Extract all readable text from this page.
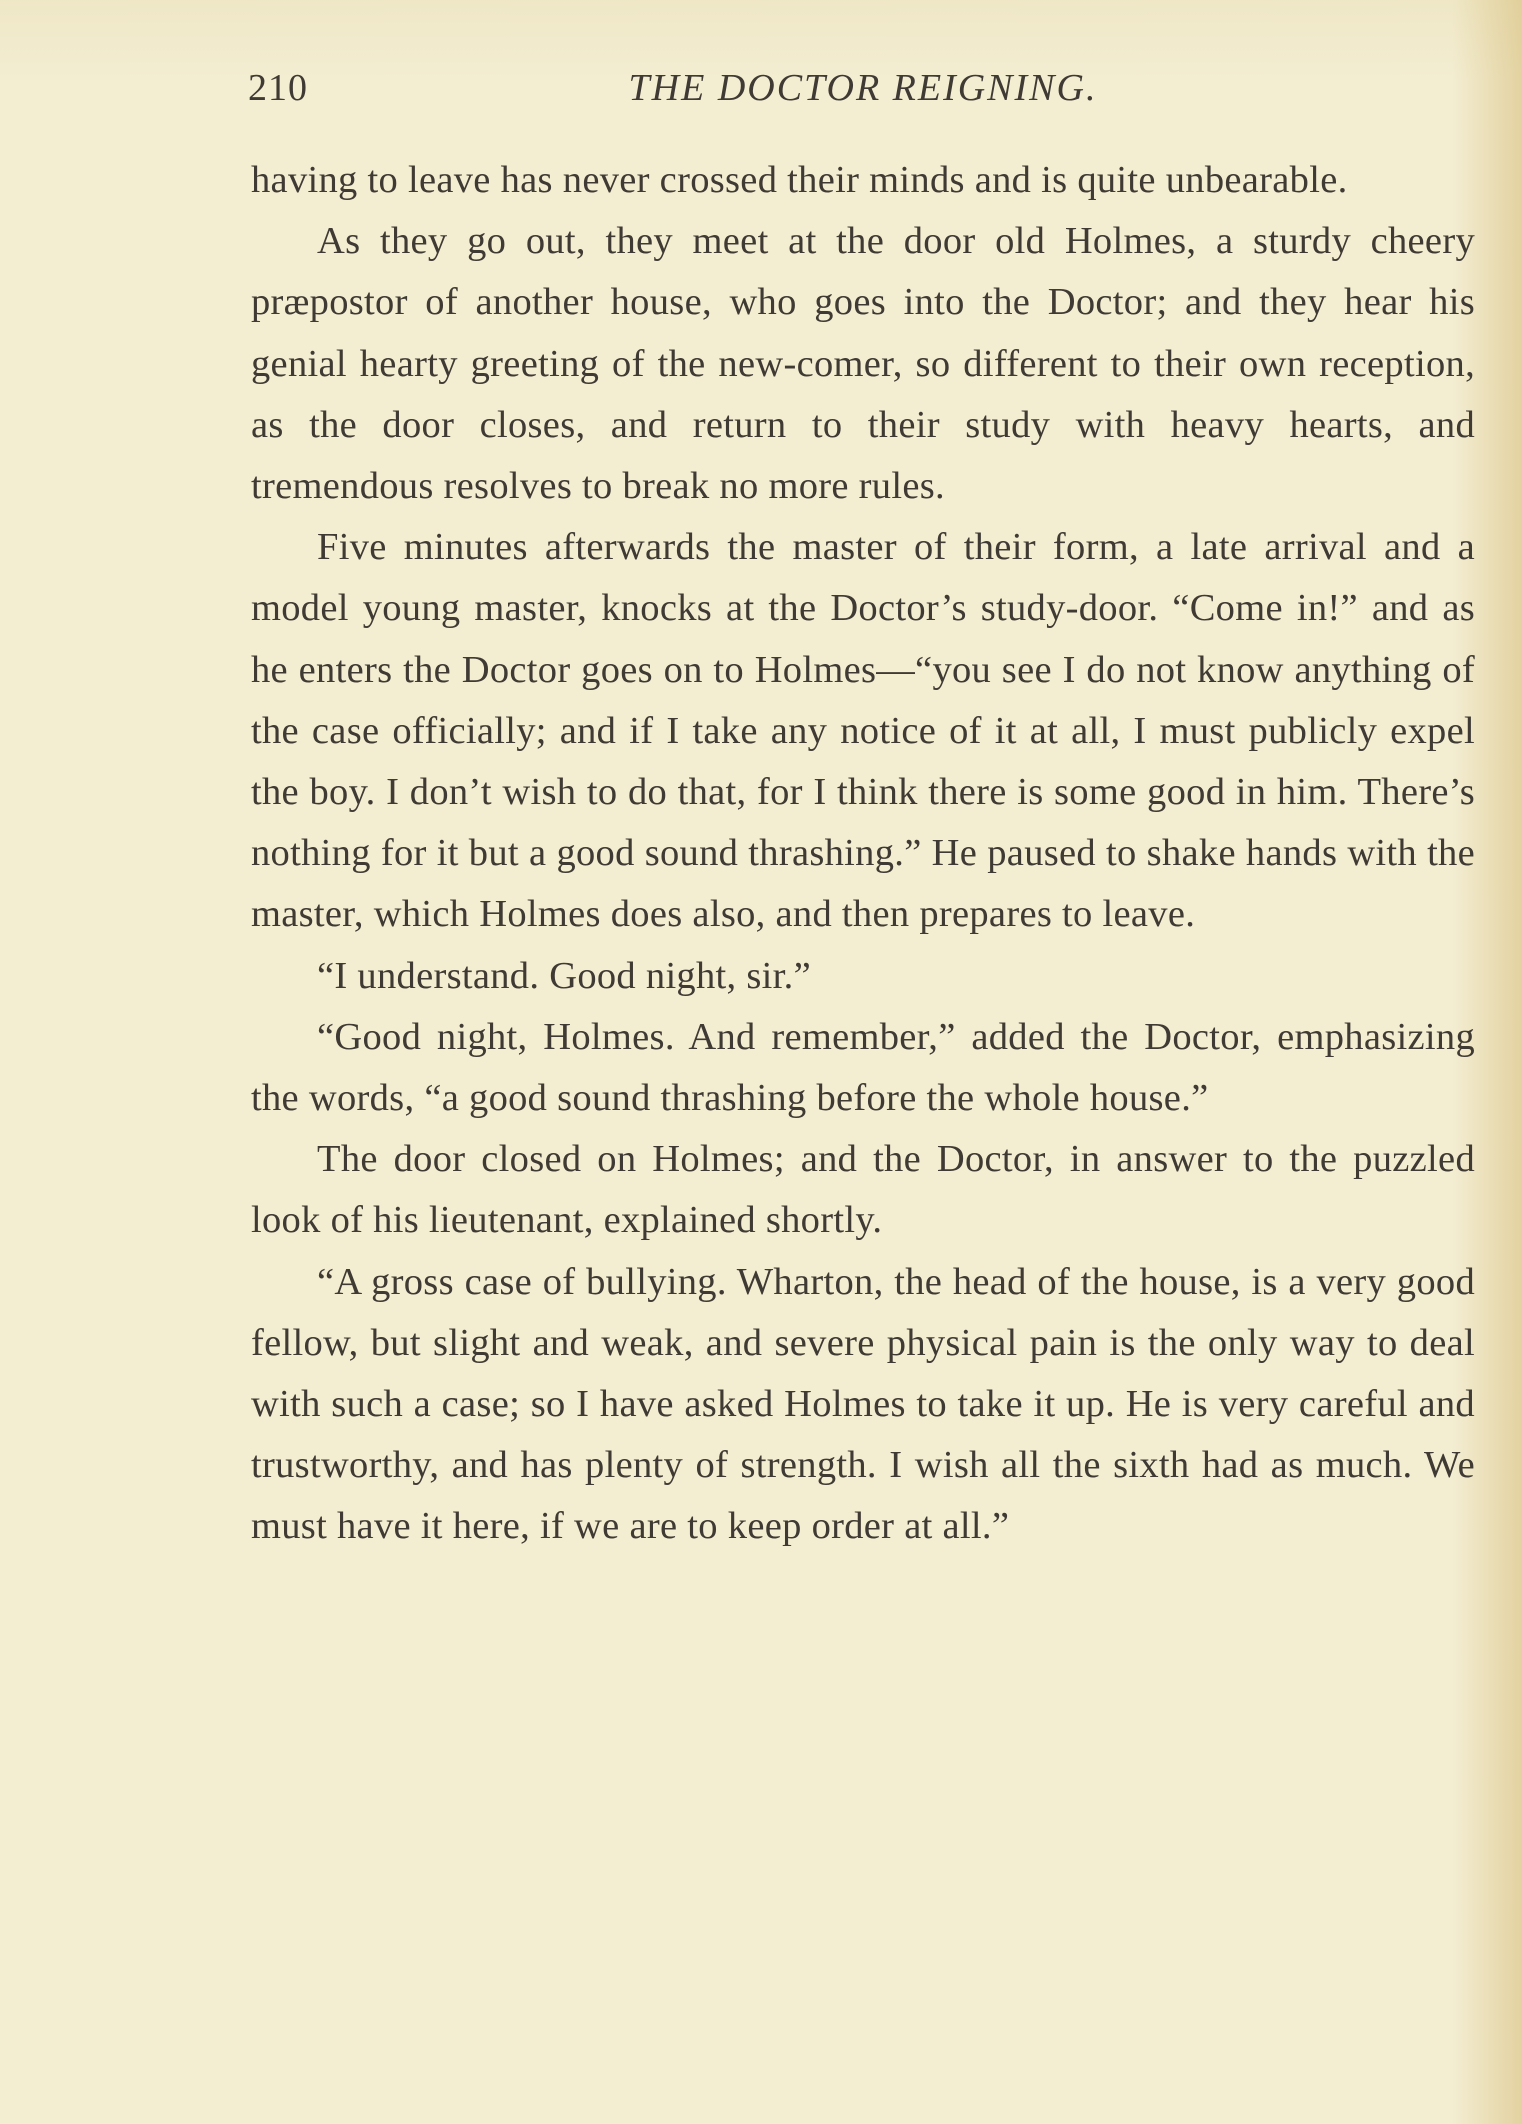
210	THE DOCTOR REIGNING.

having to leave has never crossed their minds and is quite unbearable.

As they go out, they meet at the door old Holmes, a sturdy cheery præpostor of another house, who goes into the Doctor; and they hear his genial hearty greeting of the new-comer, so different to their own reception, as the door closes, and return to their study with heavy hearts, and tremendous resolves to break no more rules.

Five minutes afterwards the master of their form, a late arrival and a model young master, knocks at the Doctor’s study-door. “Come in!” and as he enters the Doctor goes on to Holmes—“you see I do not know anything of the case officially; and if I take any notice of it at all, I must publicly expel the boy. I don’t wish to do that, for I think there is some good in him. There’s nothing for it but a good sound thrashing.” He paused to shake hands with the master, which Holmes does also, and then prepares to leave.

“I understand. Good night, sir.”

“Good night, Holmes. And remember,” added the Doctor, emphasizing the words, “a good sound thrashing before the whole house.”

The door closed on Holmes; and the Doctor, in answer to the puzzled look of his lieutenant, explained shortly.

“A gross case of bullying. Wharton, the head of the house, is a very good fellow, but slight and weak, and severe physical pain is the only way to deal with such a case; so I have asked Holmes to take it up. He is very careful and trustworthy, and has plenty of strength. I wish all the sixth had as much. We must have it here, if we are to keep order at all.”
